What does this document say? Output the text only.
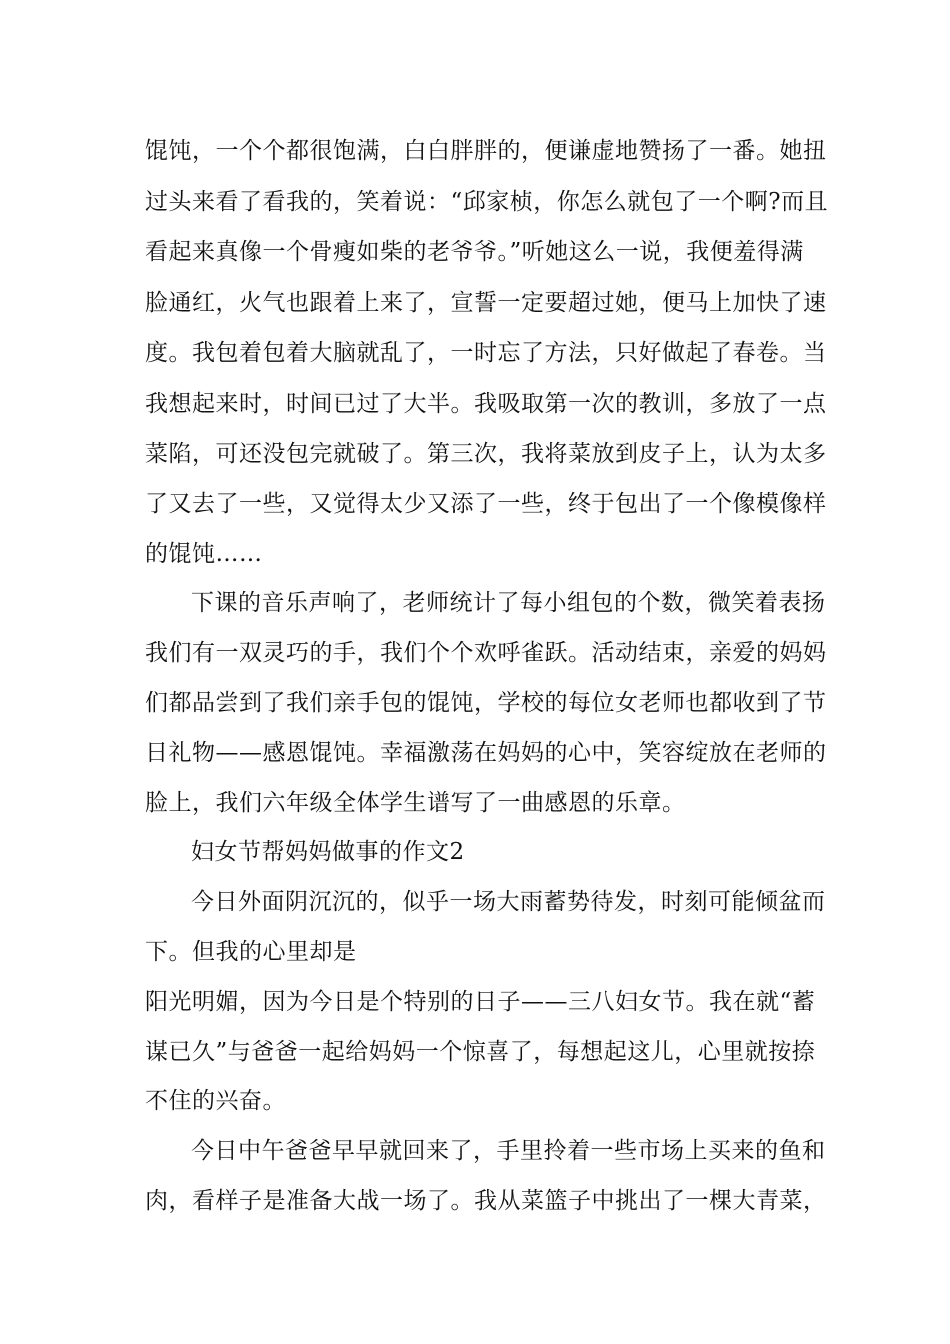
馄饨，一个个都很饱满，白白胖胖的，便谦虚地赞扬了一番。她扭
过头来看了看我的，笑着说：“邱家桢，你怎么就包了一个啊?而且
看起来真像一个骨瘦如柴的老爷爷。”听她这么一说，我便羞得满
脸通红，火气也跟着上来了，宣誓一定要超过她，便马上加快了速
度。我包着包着大脑就乱了，一时忘了方法，只好做起了春卷。当
我想起来时，时间已过了大半。我吸取第一次的教训，多放了一点
菜陷，可还没包完就破了。第三次，我将菜放到皮子上，认为太多
了又去了一些，又觉得太少又添了一些，终于包出了一个像模像样
的馄饨……
下课的音乐声响了，老师统计了每小组包的个数，微笑着表扬
我们有一双灵巧的手，我们个个欢呼雀跃。活动结束，亲爱的妈妈
们都品尝到了我们亲手包的馄饨，学校的每位女老师也都收到了节
日礼物——感恩馄饨。幸福激荡在妈妈的心中，笑容绽放在老师的
脸上，我们六年级全体学生谱写了一曲感恩的乐章。
妇女节帮妈妈做事的作文2
今日外面阴沉沉的，似乎一场大雨蓄势待发，时刻可能倾盆而
下。但我的心里却是
阳光明媚，因为今日是个特别的日子——三八妇女节。我在就“蓄
谋已久”与爸爸一起给妈妈一个惊喜了，每想起这儿，心里就按捺
不住的兴奋。
今日中午爸爸早早就回来了，手里拎着一些市场上买来的鱼和
肉，看样子是准备大战一场了。我从菜篮子中挑出了一棵大青菜，
